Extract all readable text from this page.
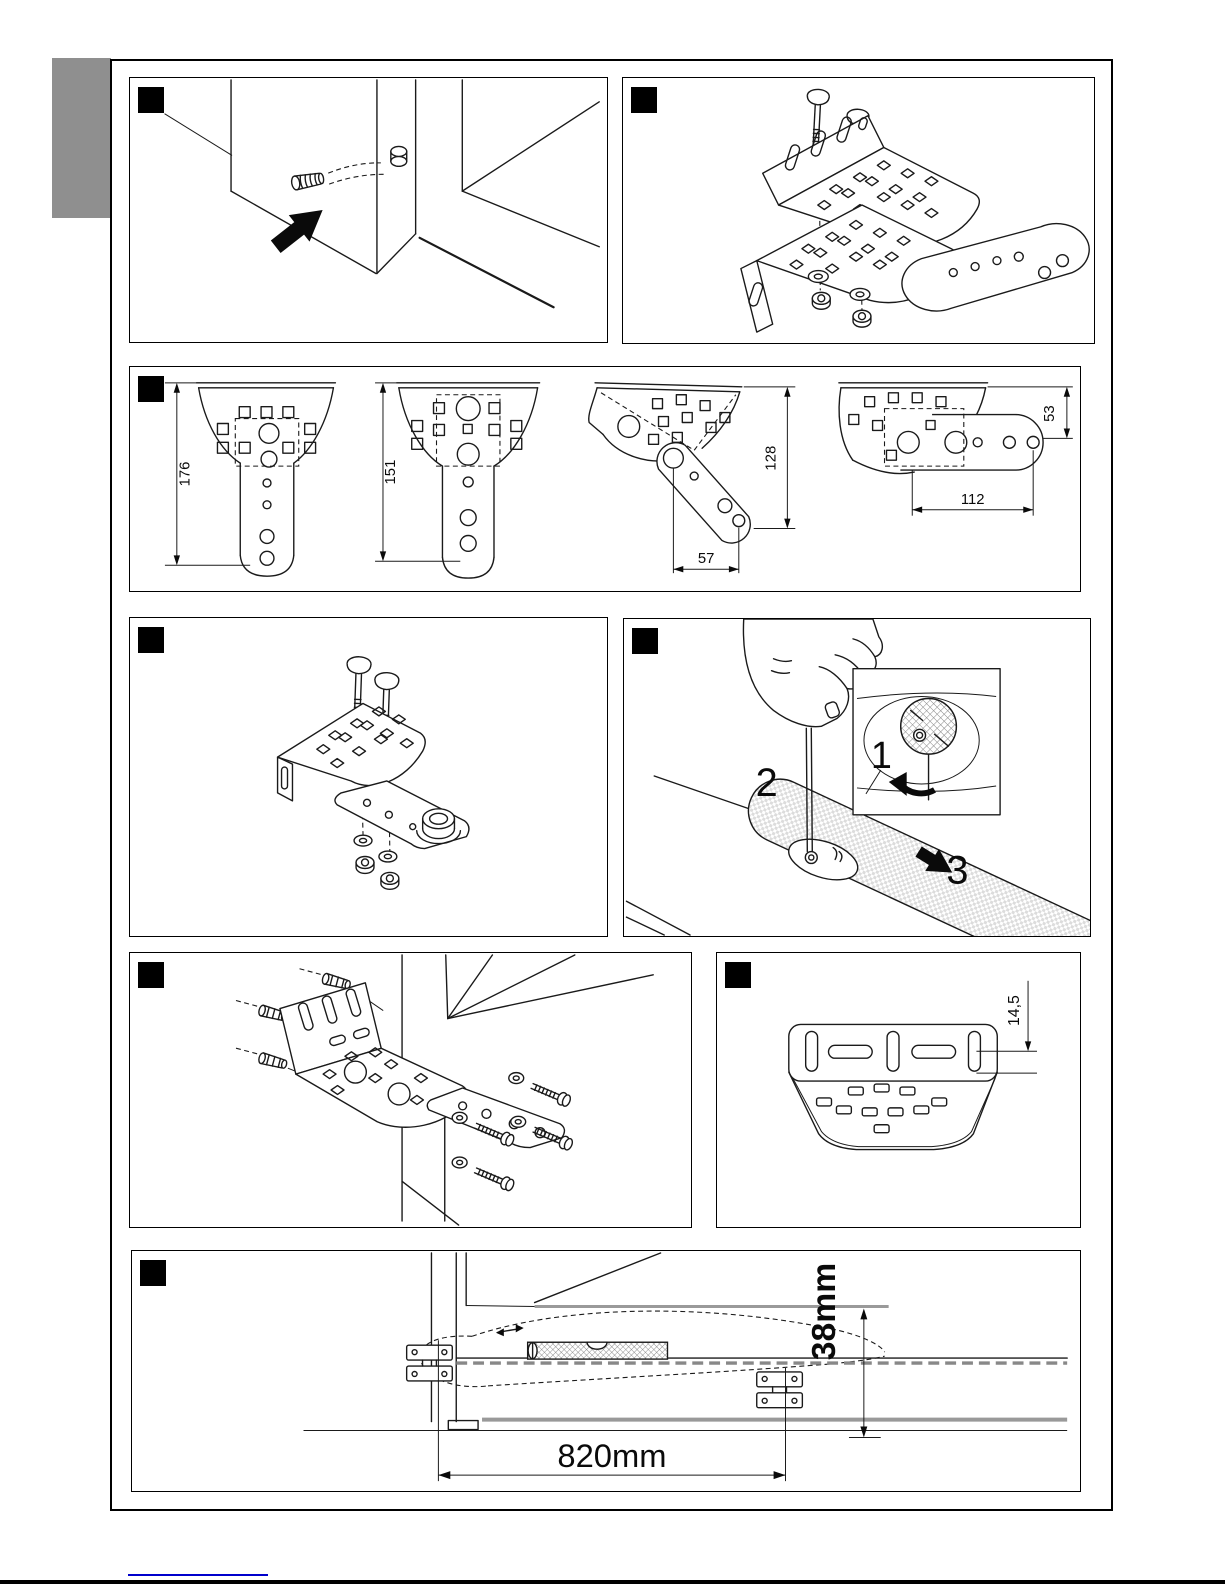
176	151
128
57
53
112
2
1
3
14,5
38mm
820mm
